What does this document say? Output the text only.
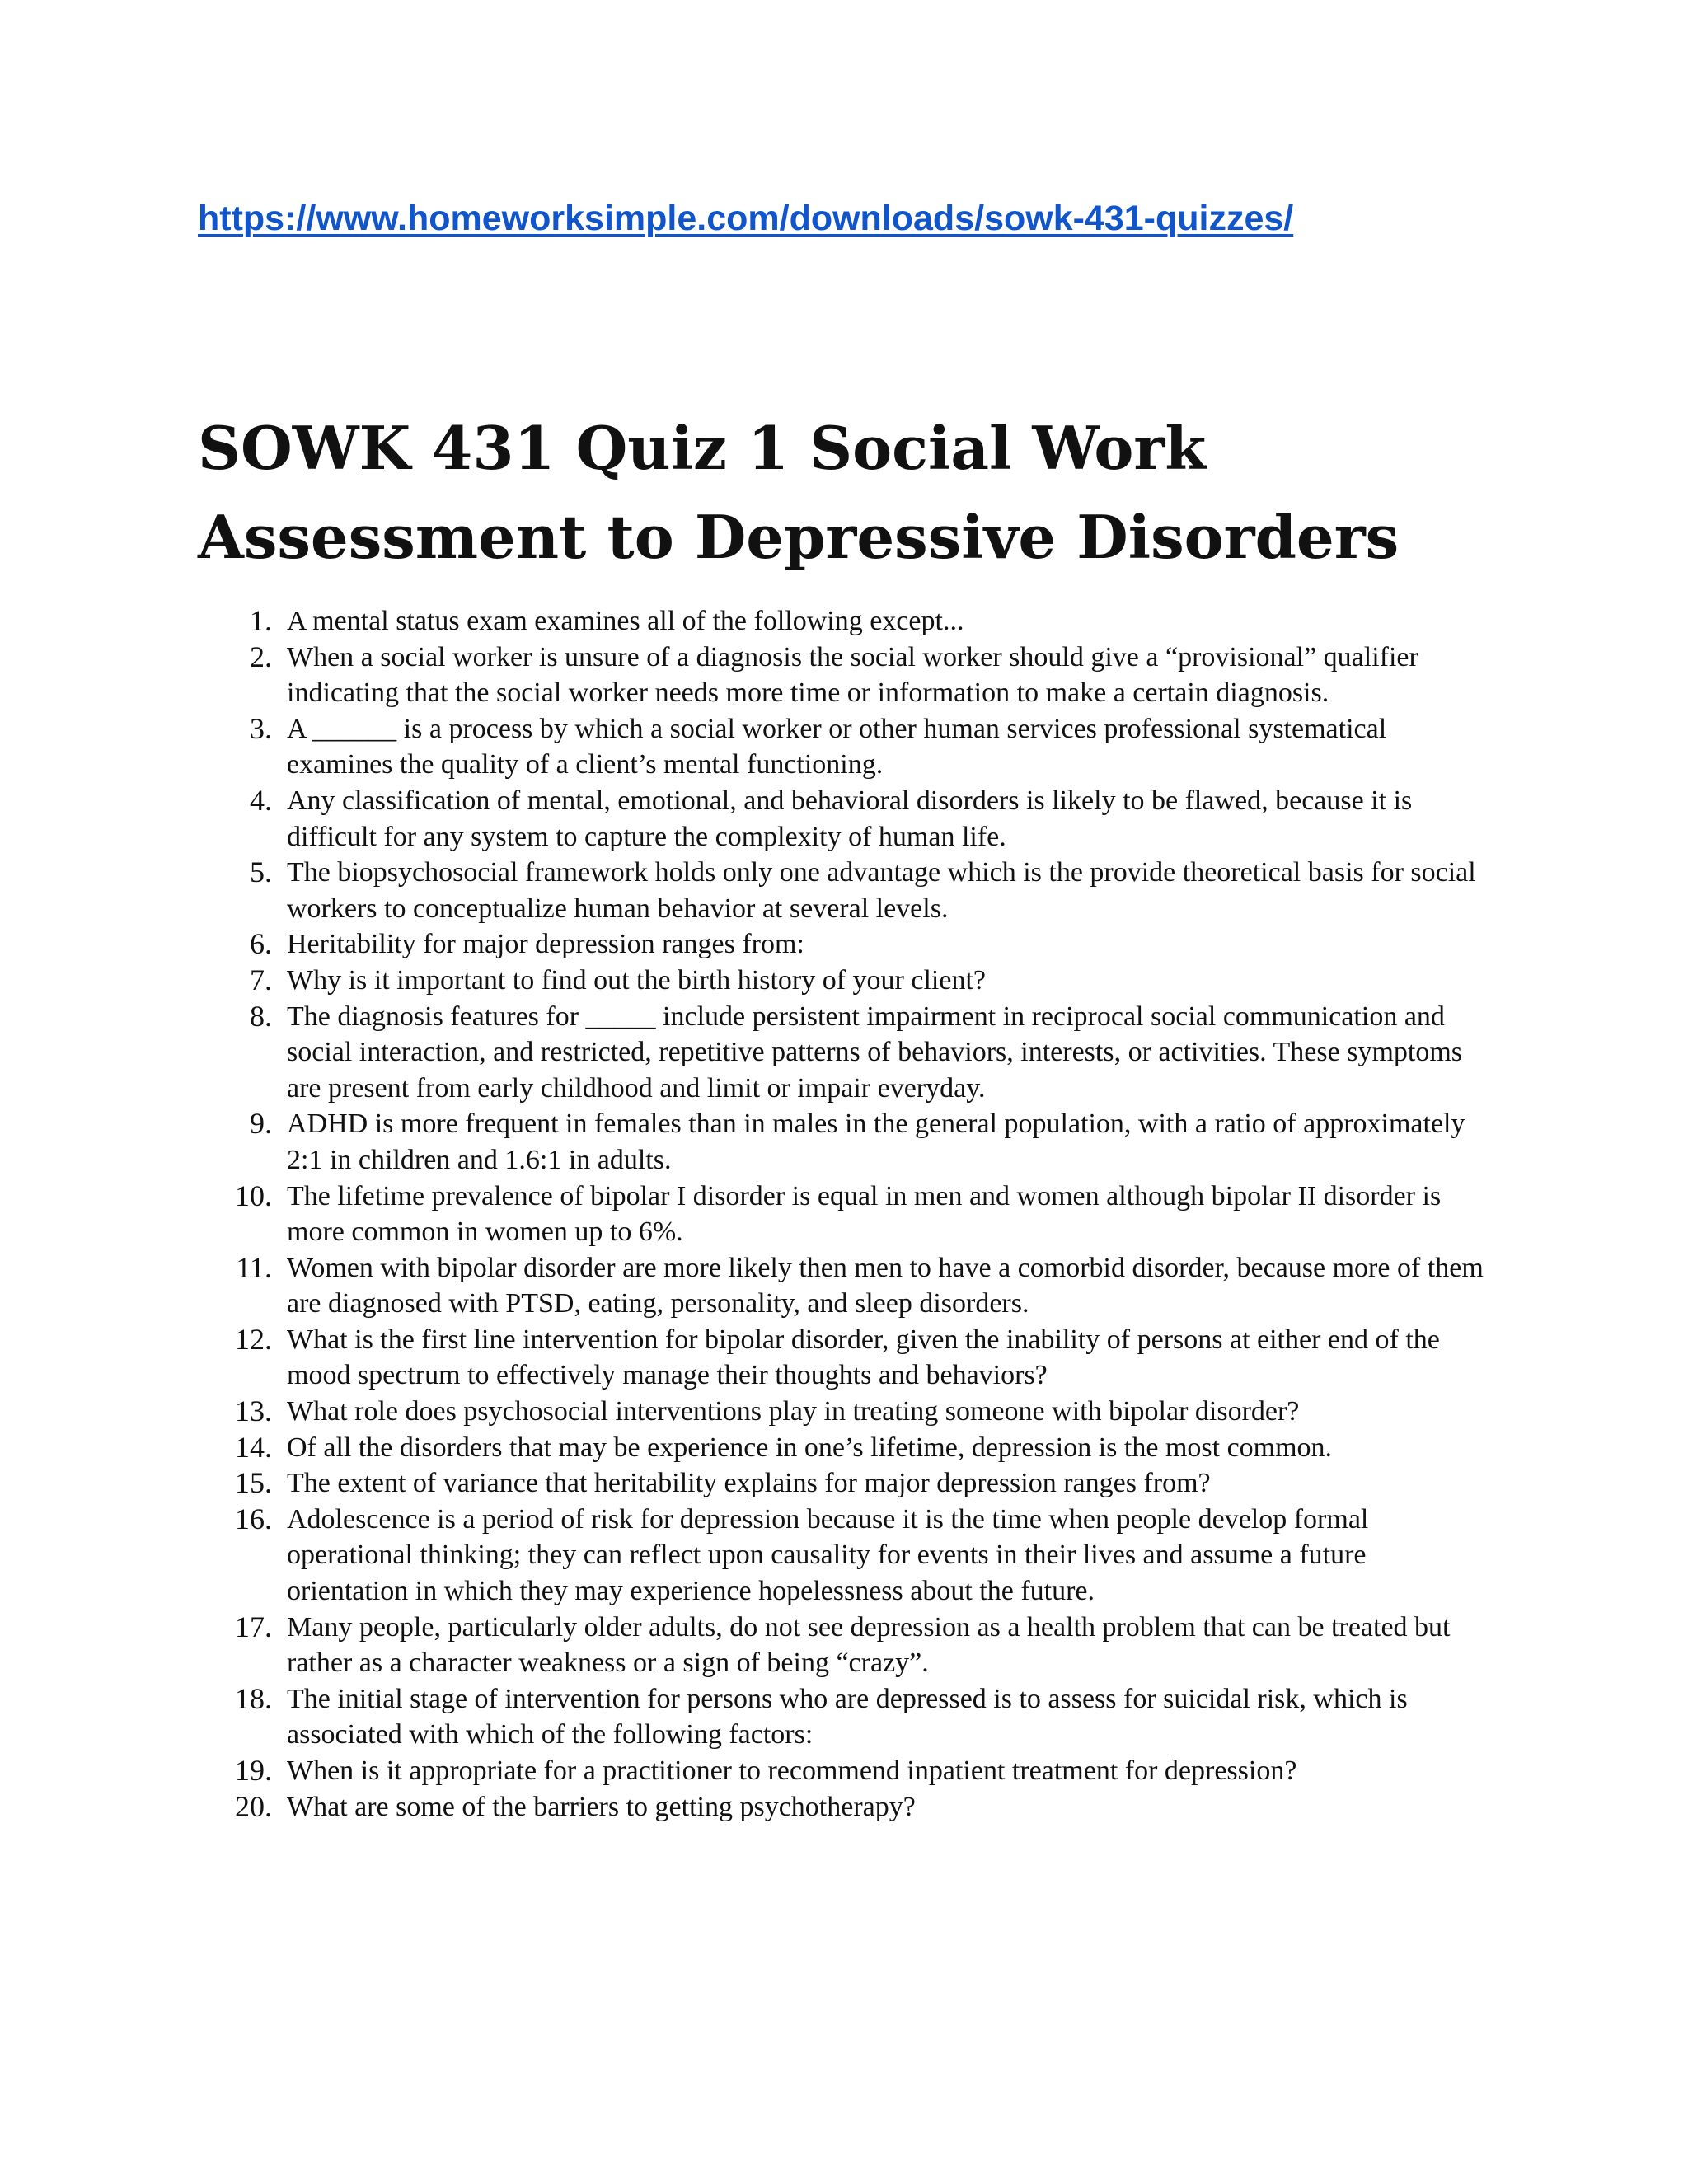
https://www.homeworksimple.com/downloads/sowk-431-quizzes/
SOWK 431 Quiz 1 Social Work Assessment to Depressive Disorders
1. A mental status exam examines all of the following except...
2. When a social worker is unsure of a diagnosis the social worker should give a “provisional” qualifier indicating that the social worker needs more time or information to make a certain diagnosis.
3. A ______ is a process by which a social worker or other human services professional systematical examines the quality of a client’s mental functioning.
4. Any classification of mental, emotional, and behavioral disorders is likely to be flawed, because it is difficult for any system to capture the complexity of human life.
5. The biopsychosocial framework holds only one advantage which is the provide theoretical basis for social workers to conceptualize human behavior at several levels.
6. Heritability for major depression ranges from:
7. Why is it important to find out the birth history of your client?
8. The diagnosis features for _____ include persistent impairment in reciprocal social communication and social interaction, and restricted, repetitive patterns of behaviors, interests, or activities. These symptoms are present from early childhood and limit or impair everyday.
9. ADHD is more frequent in females than in males in the general population, with a ratio of approximately 2:1 in children and 1.6:1 in adults.
10. The lifetime prevalence of bipolar I disorder is equal in men and women although bipolar II disorder is more common in women up to 6%.
11. Women with bipolar disorder are more likely then men to have a comorbid disorder, because more of them are diagnosed with PTSD, eating, personality, and sleep disorders.
12. What is the first line intervention for bipolar disorder, given the inability of persons at either end of the mood spectrum to effectively manage their thoughts and behaviors?
13. What role does psychosocial interventions play in treating someone with bipolar disorder?
14. Of all the disorders that may be experience in one’s lifetime, depression is the most common.
15. The extent of variance that heritability explains for major depression ranges from?
16. Adolescence is a period of risk for depression because it is the time when people develop formal operational thinking; they can reflect upon causality for events in their lives and assume a future orientation in which they may experience hopelessness about the future.
17. Many people, particularly older adults, do not see depression as a health problem that can be treated but rather as a character weakness or a sign of being “crazy”.
18. The initial stage of intervention for persons who are depressed is to assess for suicidal risk, which is associated with which of the following factors:
19. When is it appropriate for a practitioner to recommend inpatient treatment for depression?
20. What are some of the barriers to getting psychotherapy?
